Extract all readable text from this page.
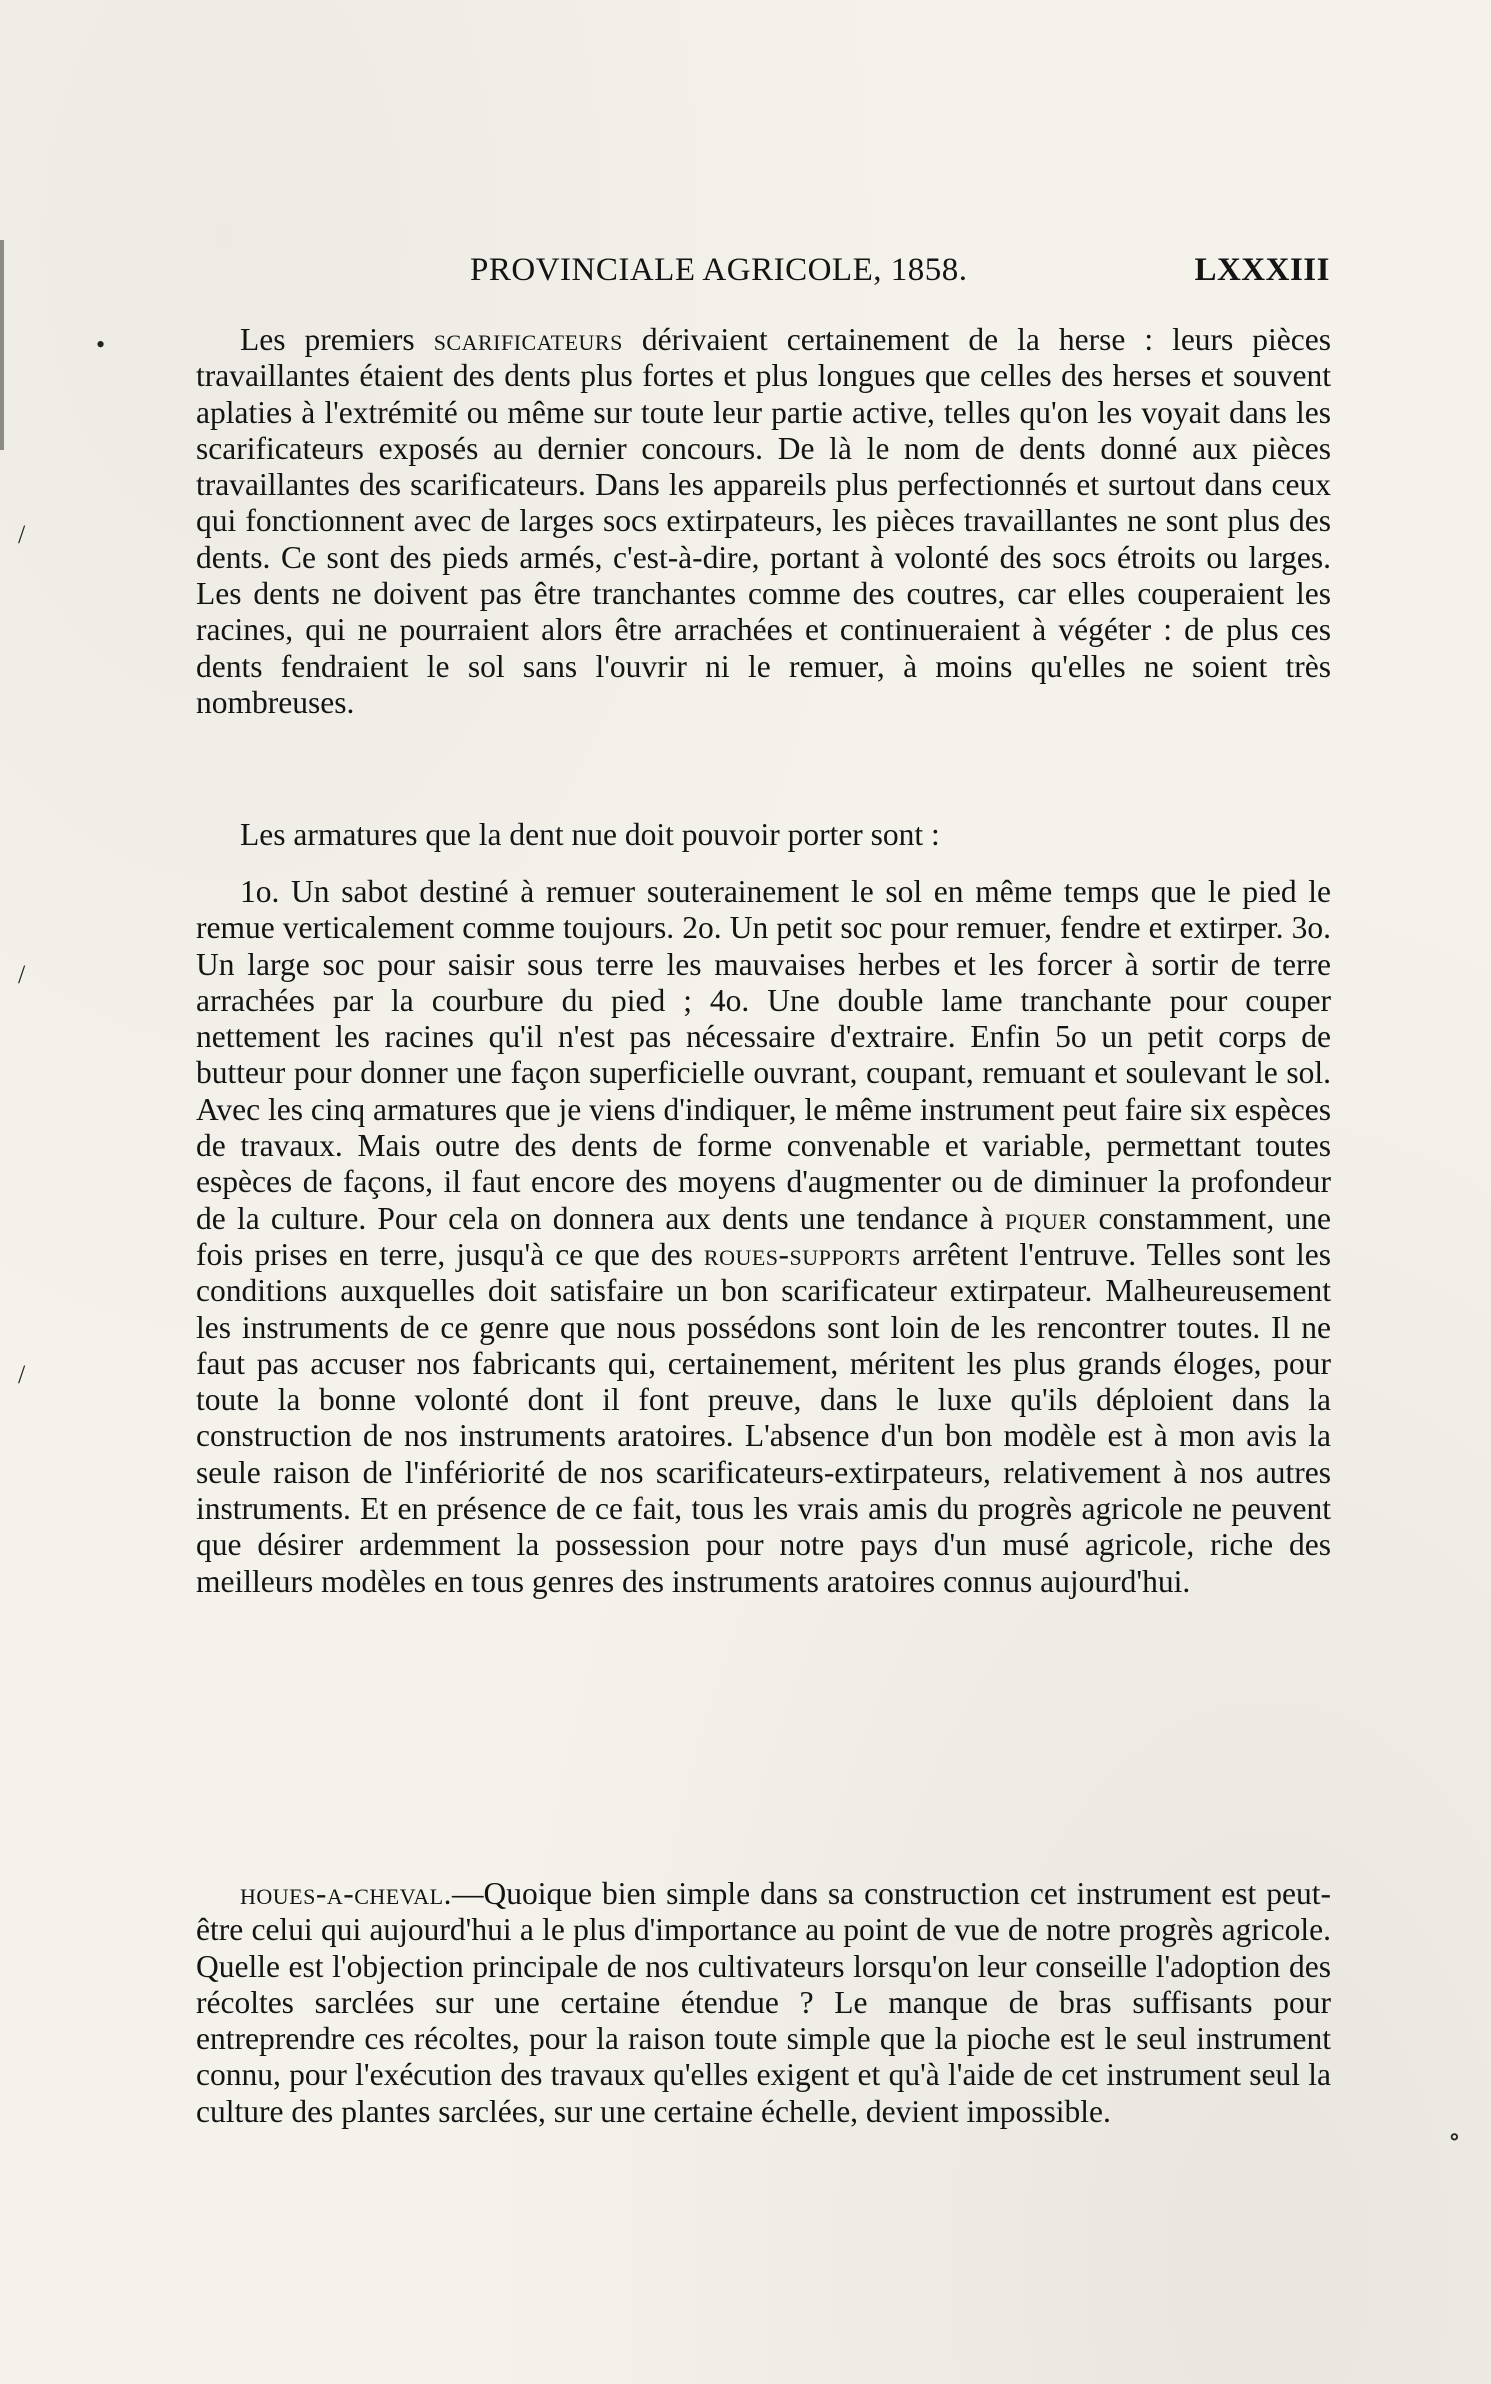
•
/
/
/
∘
PROVINCIALE AGRICOLE, 1858.	LXXXIII

Les premiers scarificateurs dérivaient certainement de la herse : leurs pièces travaillantes étaient des dents plus fortes et plus longues que celles des herses et souvent aplaties à l'extrémité ou même sur toute leur partie active, telles qu'on les voyait dans les scarificateurs exposés au dernier concours. De là le nom de dents donné aux pièces travaillantes des scarificateurs. Dans les appareils plus perfectionnés et surtout dans ceux qui fonctionnent avec de larges socs extirpateurs, les pièces travaillantes ne sont plus des dents. Ce sont des pieds armés, c'est-à-dire, portant à volonté des socs étroits ou larges. Les dents ne doivent pas être tranchantes comme des coutres, car elles couperaient les racines, qui ne pourraient alors être arrachées et continueraient à végéter : de plus ces dents fendraient le sol sans l'ouvrir ni le remuer, à moins qu'elles ne soient très nombreuses.

Les armatures que la dent nue doit pouvoir porter sont :

1o. Un sabot destiné à remuer souterainement le sol en même temps que le pied le remue verticalement comme toujours. 2o. Un petit soc pour remuer, fendre et extirper. 3o. Un large soc pour saisir sous terre les mauvaises herbes et les forcer à sortir de terre arrachées par la courbure du pied ; 4o. Une double lame tranchante pour couper nettement les racines qu'il n'est pas nécessaire d'extraire. Enfin 5o un petit corps de butteur pour donner une façon superficielle ouvrant, coupant, remuant et soulevant le sol. Avec les cinq armatures que je viens d'indiquer, le même instrument peut faire six espèces de travaux. Mais outre des dents de forme convenable et variable, permettant toutes espèces de façons, il faut encore des moyens d'augmenter ou de diminuer la profondeur de la culture. Pour cela on donnera aux dents une tendance à piquer constamment, une fois prises en terre, jusqu'à ce que des roues-supports arrêtent l'entruve. Telles sont les conditions auxquelles doit satisfaire un bon scarificateur extirpateur. Malheureusement les instruments de ce genre que nous possédons sont loin de les rencontrer toutes. Il ne faut pas accuser nos fabricants qui, certainement, méritent les plus grands éloges, pour toute la bonne volonté dont il font preuve, dans le luxe qu'ils déploient dans la construction de nos instruments aratoires. L'absence d'un bon modèle est à mon avis la seule raison de l'infériorité de nos scarificateurs-extirpateurs, relativement à nos autres instruments. Et en présence de ce fait, tous les vrais amis du progrès agricole ne peuvent que désirer ardemment la possession pour notre pays d'un musé agricole, riche des meilleurs modèles en tous genres des instruments aratoires connus aujourd'hui.

houes-a-cheval.—Quoique bien simple dans sa construction cet instrument est peut-être celui qui aujourd'hui a le plus d'importance au point de vue de notre progrès agricole. Quelle est l'objection principale de nos cultivateurs lorsqu'on leur conseille l'adoption des récoltes sarclées sur une certaine étendue ? Le manque de bras suffisants pour entreprendre ces récoltes, pour la raison toute simple que la pioche est le seul instrument connu, pour l'exécution des travaux qu'elles exigent et qu'à l'aide de cet instrument seul la culture des plantes sarclées, sur une certaine échelle, devient impossible.
